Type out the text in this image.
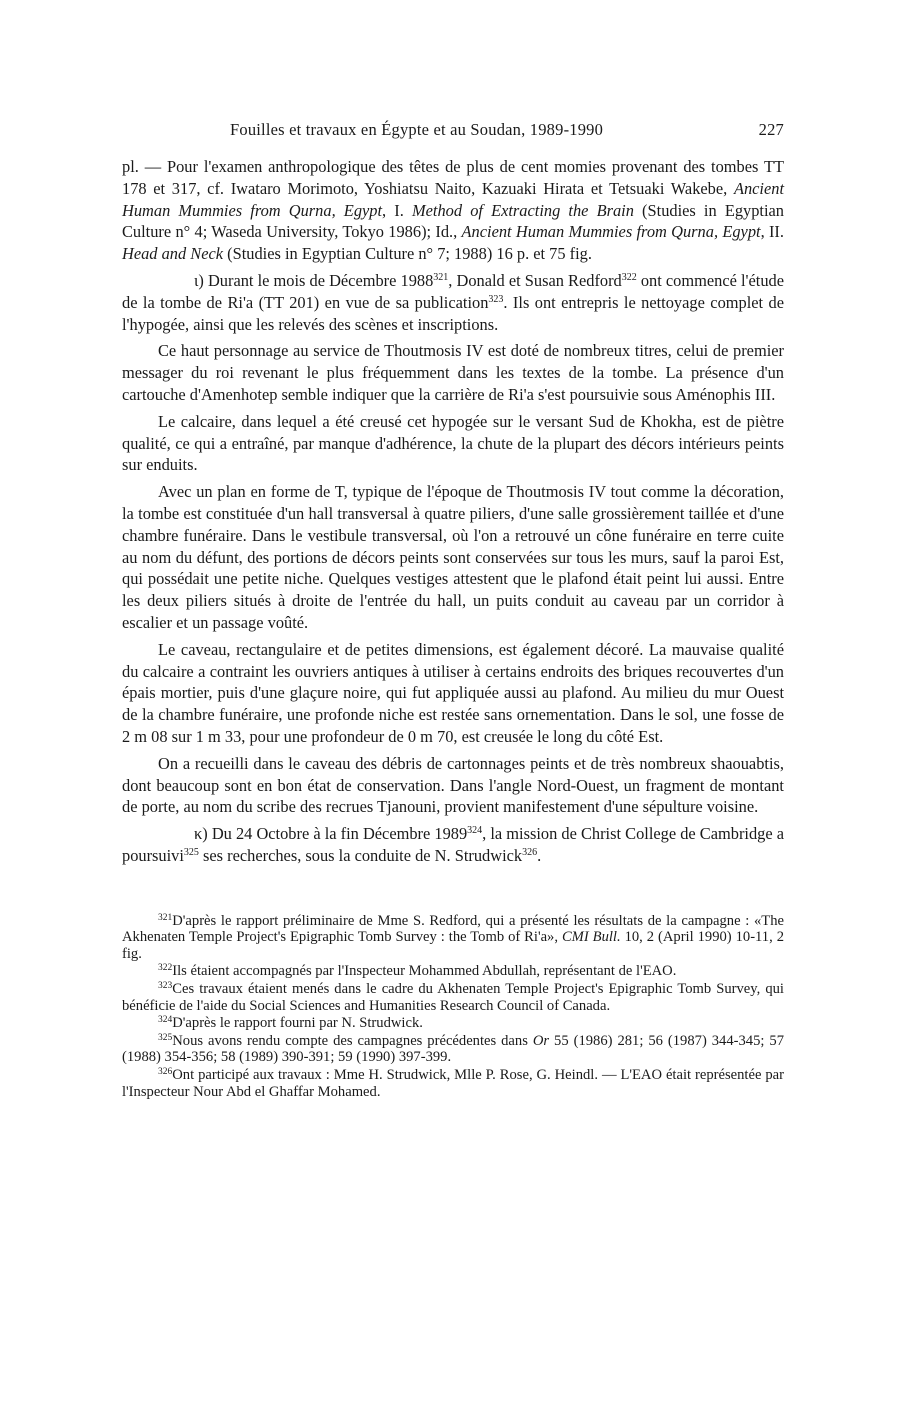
Fouilles et travaux en Égypte et au Soudan, 1989-1990	227

pl. — Pour l'examen anthropologique des têtes de plus de cent momies provenant des tombes TT 178 et 317, cf. Iwataro Morimoto, Yoshiatsu Naito, Kazuaki Hirata et Tetsuaki Wakebe, Ancient Human Mummies from Qurna, Egypt, I. Method of Extracting the Brain (Studies in Egyptian Culture n° 4; Waseda University, Tokyo 1986); Id., Ancient Human Mummies from Qurna, Egypt, II. Head and Neck (Studies in Egyptian Culture n° 7; 1988) 16 p. et 75 fig.

ι) Durant le mois de Décembre 1988$^{321}$, Donald et Susan Redford$^{322}$ ont commencé l'étude de la tombe de Ri'a (TT 201) en vue de sa publication$^{323}$. Ils ont entrepris le nettoyage complet de l'hypogée, ainsi que les relevés des scènes et inscriptions.

Ce haut personnage au service de Thoutmosis IV est doté de nombreux titres, celui de premier messager du roi revenant le plus fréquemment dans les textes de la tombe. La présence d'un cartouche d'Amenhotep semble indiquer que la carrière de Ri'a s'est poursuivie sous Aménophis III.

Le calcaire, dans lequel a été creusé cet hypogée sur le versant Sud de Khokha, est de piètre qualité, ce qui a entraîné, par manque d'adhérence, la chute de la plupart des décors intérieurs peints sur enduits.

Avec un plan en forme de T, typique de l'époque de Thoutmosis IV tout comme la décoration, la tombe est constituée d'un hall transversal à quatre piliers, d'une salle grossièrement taillée et d'une chambre funéraire. Dans le vestibule transversal, où l'on a retrouvé un cône funéraire en terre cuite au nom du défunt, des portions de décors peints sont conservées sur tous les murs, sauf la paroi Est, qui possédait une petite niche. Quelques vestiges attestent que le plafond était peint lui aussi. Entre les deux piliers situés à droite de l'entrée du hall, un puits conduit au caveau par un corridor à escalier et un passage voûté.

Le caveau, rectangulaire et de petites dimensions, est également décoré. La mauvaise qualité du calcaire a contraint les ouvriers antiques à utiliser à certains endroits des briques recouvertes d'un épais mortier, puis d'une glaçure noire, qui fut appliquée aussi au plafond. Au milieu du mur Ouest de la chambre funéraire, une profonde niche est restée sans ornementation. Dans le sol, une fosse de 2 m 08 sur 1 m 33, pour une profondeur de 0 m 70, est creusée le long du côté Est.

On a recueilli dans le caveau des débris de cartonnages peints et de très nombreux shaouabtis, dont beaucoup sont en bon état de conservation. Dans l'angle Nord-Ouest, un fragment de montant de porte, au nom du scribe des recrues Tjanouni, provient manifestement d'une sépulture voisine.

κ) Du 24 Octobre à la fin Décembre 1989$^{324}$, la mission de Christ College de Cambridge a poursuivi$^{325}$ ses recherches, sous la conduite de N. Strudwick$^{326}$.

$^{321}$D'après le rapport préliminaire de Mme S. Redford, qui a présenté les résultats de la campagne : «The Akhenaten Temple Project's Epigraphic Tomb Survey : the Tomb of Ri'a», CMI Bull. 10, 2 (April 1990) 10-11, 2 fig.

$^{322}$Ils étaient accompagnés par l'Inspecteur Mohammed Abdullah, représentant de l'EAO.

$^{323}$Ces travaux étaient menés dans le cadre du Akhenaten Temple Project's Epigraphic Tomb Survey, qui bénéficie de l'aide du Social Sciences and Humanities Research Council of Canada.

$^{324}$D'après le rapport fourni par N. Strudwick.

$^{325}$Nous avons rendu compte des campagnes précédentes dans Or 55 (1986) 281; 56 (1987) 344-345; 57 (1988) 354-356; 58 (1989) 390-391; 59 (1990) 397-399.

$^{326}$Ont participé aux travaux : Mme H. Strudwick, Mlle P. Rose, G. Heindl. — L'EAO était représentée par l'Inspecteur Nour Abd el Ghaffar Mohamed.
